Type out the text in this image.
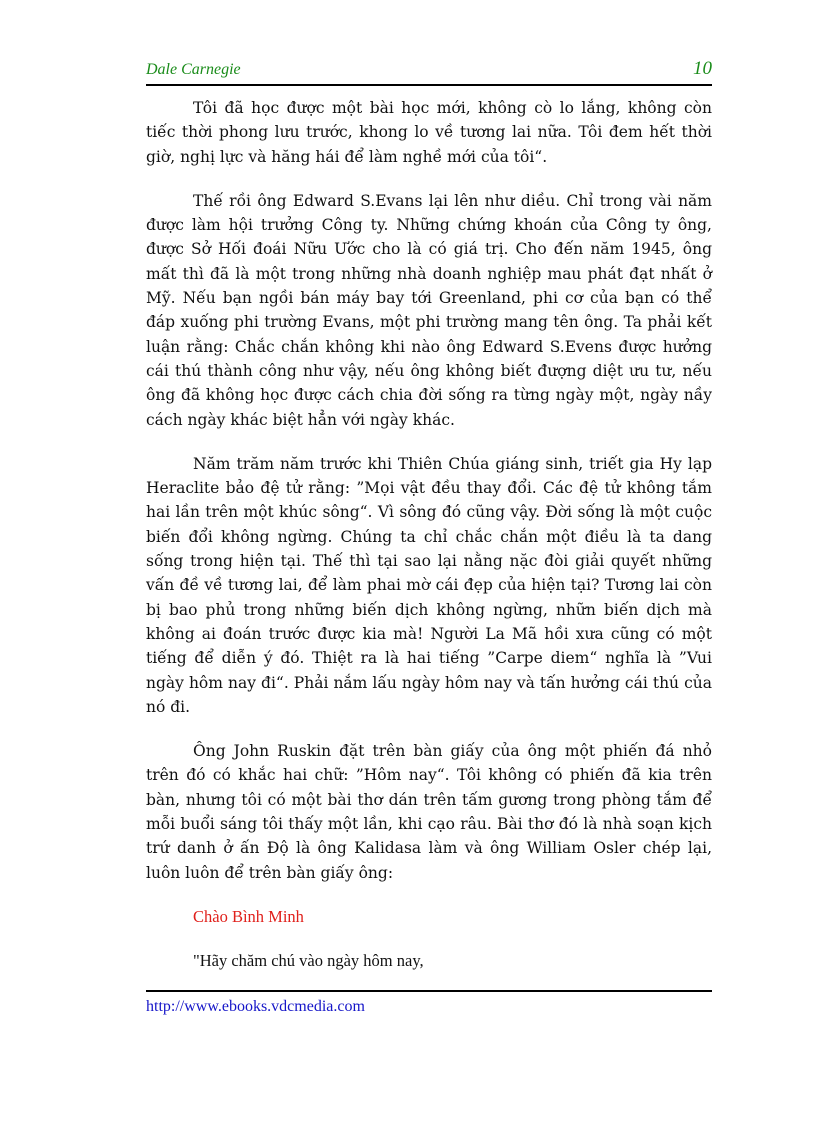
Dale Carnegie	10

Tôi đã học được một bài học mới, không cò lo lắng, không còn tiếc thời phong lưu trước, khong lo về tương lai nữa. Tôi đem hết thời giờ, nghị lực và hăng hái để làm nghề mới của tôi“.

Thế rồi ông Edward S.Evans lại lên như diều. Chỉ trong vài năm được làm hội trưởng Công ty. Những chứng khoán của Công ty ông, được Sở Hối đoái Nữu Ước cho là có giá trị. Cho đến năm 1945, ông mất thì đã là một trong những nhà doanh nghiệp mau phát đạt nhất ở Mỹ. Nếu bạn ngồi bán máy bay tới Greenland, phi cơ của bạn có thể đáp xuống phi trường Evans, một phi trường mang tên ông. Ta phải kết luận rằng: Chắc chắn không khi nào ông Edward S.Evens được hưởng cái thú thành công như vậy, nếu ông không biết đượng diệt ưu tư, nếu ông đã không học được cách chia đời sống ra từng ngày một, ngày nầy cách ngày khác biệt hẳn với ngày khác.

Năm trăm năm trước khi Thiên Chúa giáng sinh, triết gia Hy lạp Heraclite bảo đệ tử rằng: ”Mọi vật đều thay đổi. Các đệ tử không tắm hai lần trên một khúc sông“. Vì sông đó cũng vậy. Đời sống là một cuộc biến đổi không ngừng. Chúng ta chỉ chắc chắn một điều là ta dang sống trong hiện tại. Thế thì tại sao lại nằng nặc đòi giải quyết những vấn đề về tương lai, để làm phai mờ cái đẹp của hiện tại? Tương lai còn bị bao phủ trong những biến dịch không ngừng, nhữn biến dịch mà không ai đoán trước được kia mà! Người La Mã hồi xưa cũng có một tiếng để diễn ý đó. Thiệt ra là hai tiếng ”Carpe diem“ nghĩa là ”Vui ngày hôm nay đi“. Phải nắm lấu ngày hôm nay và tấn hưởng cái thú của nó đi.

Ông John Ruskin đặt trên bàn giấy của ông một phiến đá nhỏ trên đó có khắc hai chữ: ”Hôm nay“. Tôi không có phiến đã kia trên bàn, nhưng tôi có một bài thơ dán trên tấm gương trong phòng tắm để mỗi buổi sáng tôi thấy một lần, khi cạo râu. Bài thơ đó là nhà soạn kịch trứ danh ở ấn Độ là ông Kalidasa làm và ông William Osler chép lại, luôn luôn để trên bàn giấy ông:

Chào Bình Minh
"Hãy chăm chú vào ngày hôm nay,
http://www.ebooks.vdcmedia.com
